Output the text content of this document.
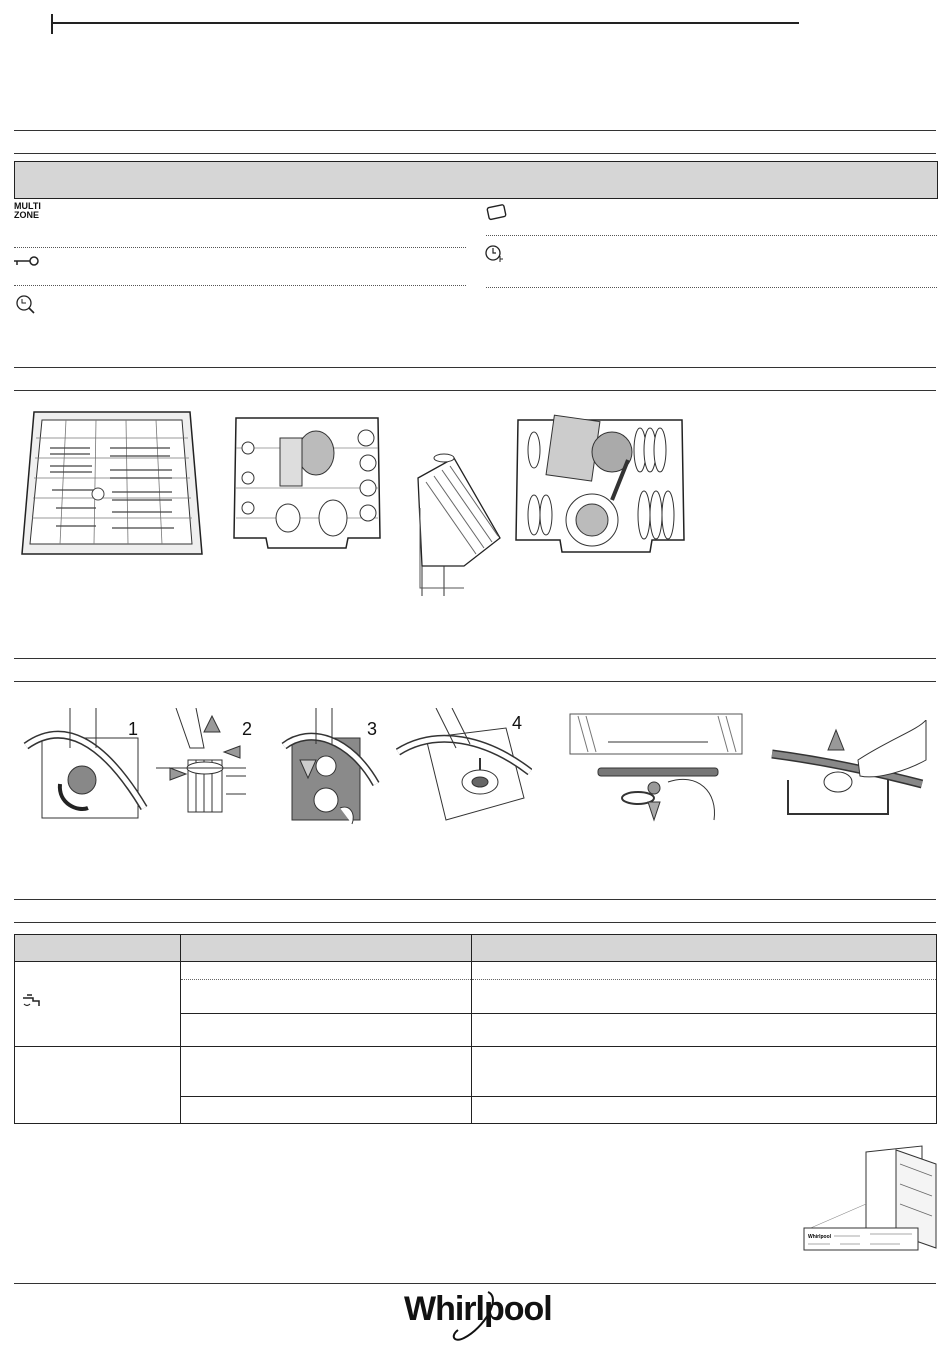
MULTI
ZONE
1	2	3	4

Whirlpool
Whirlpool
